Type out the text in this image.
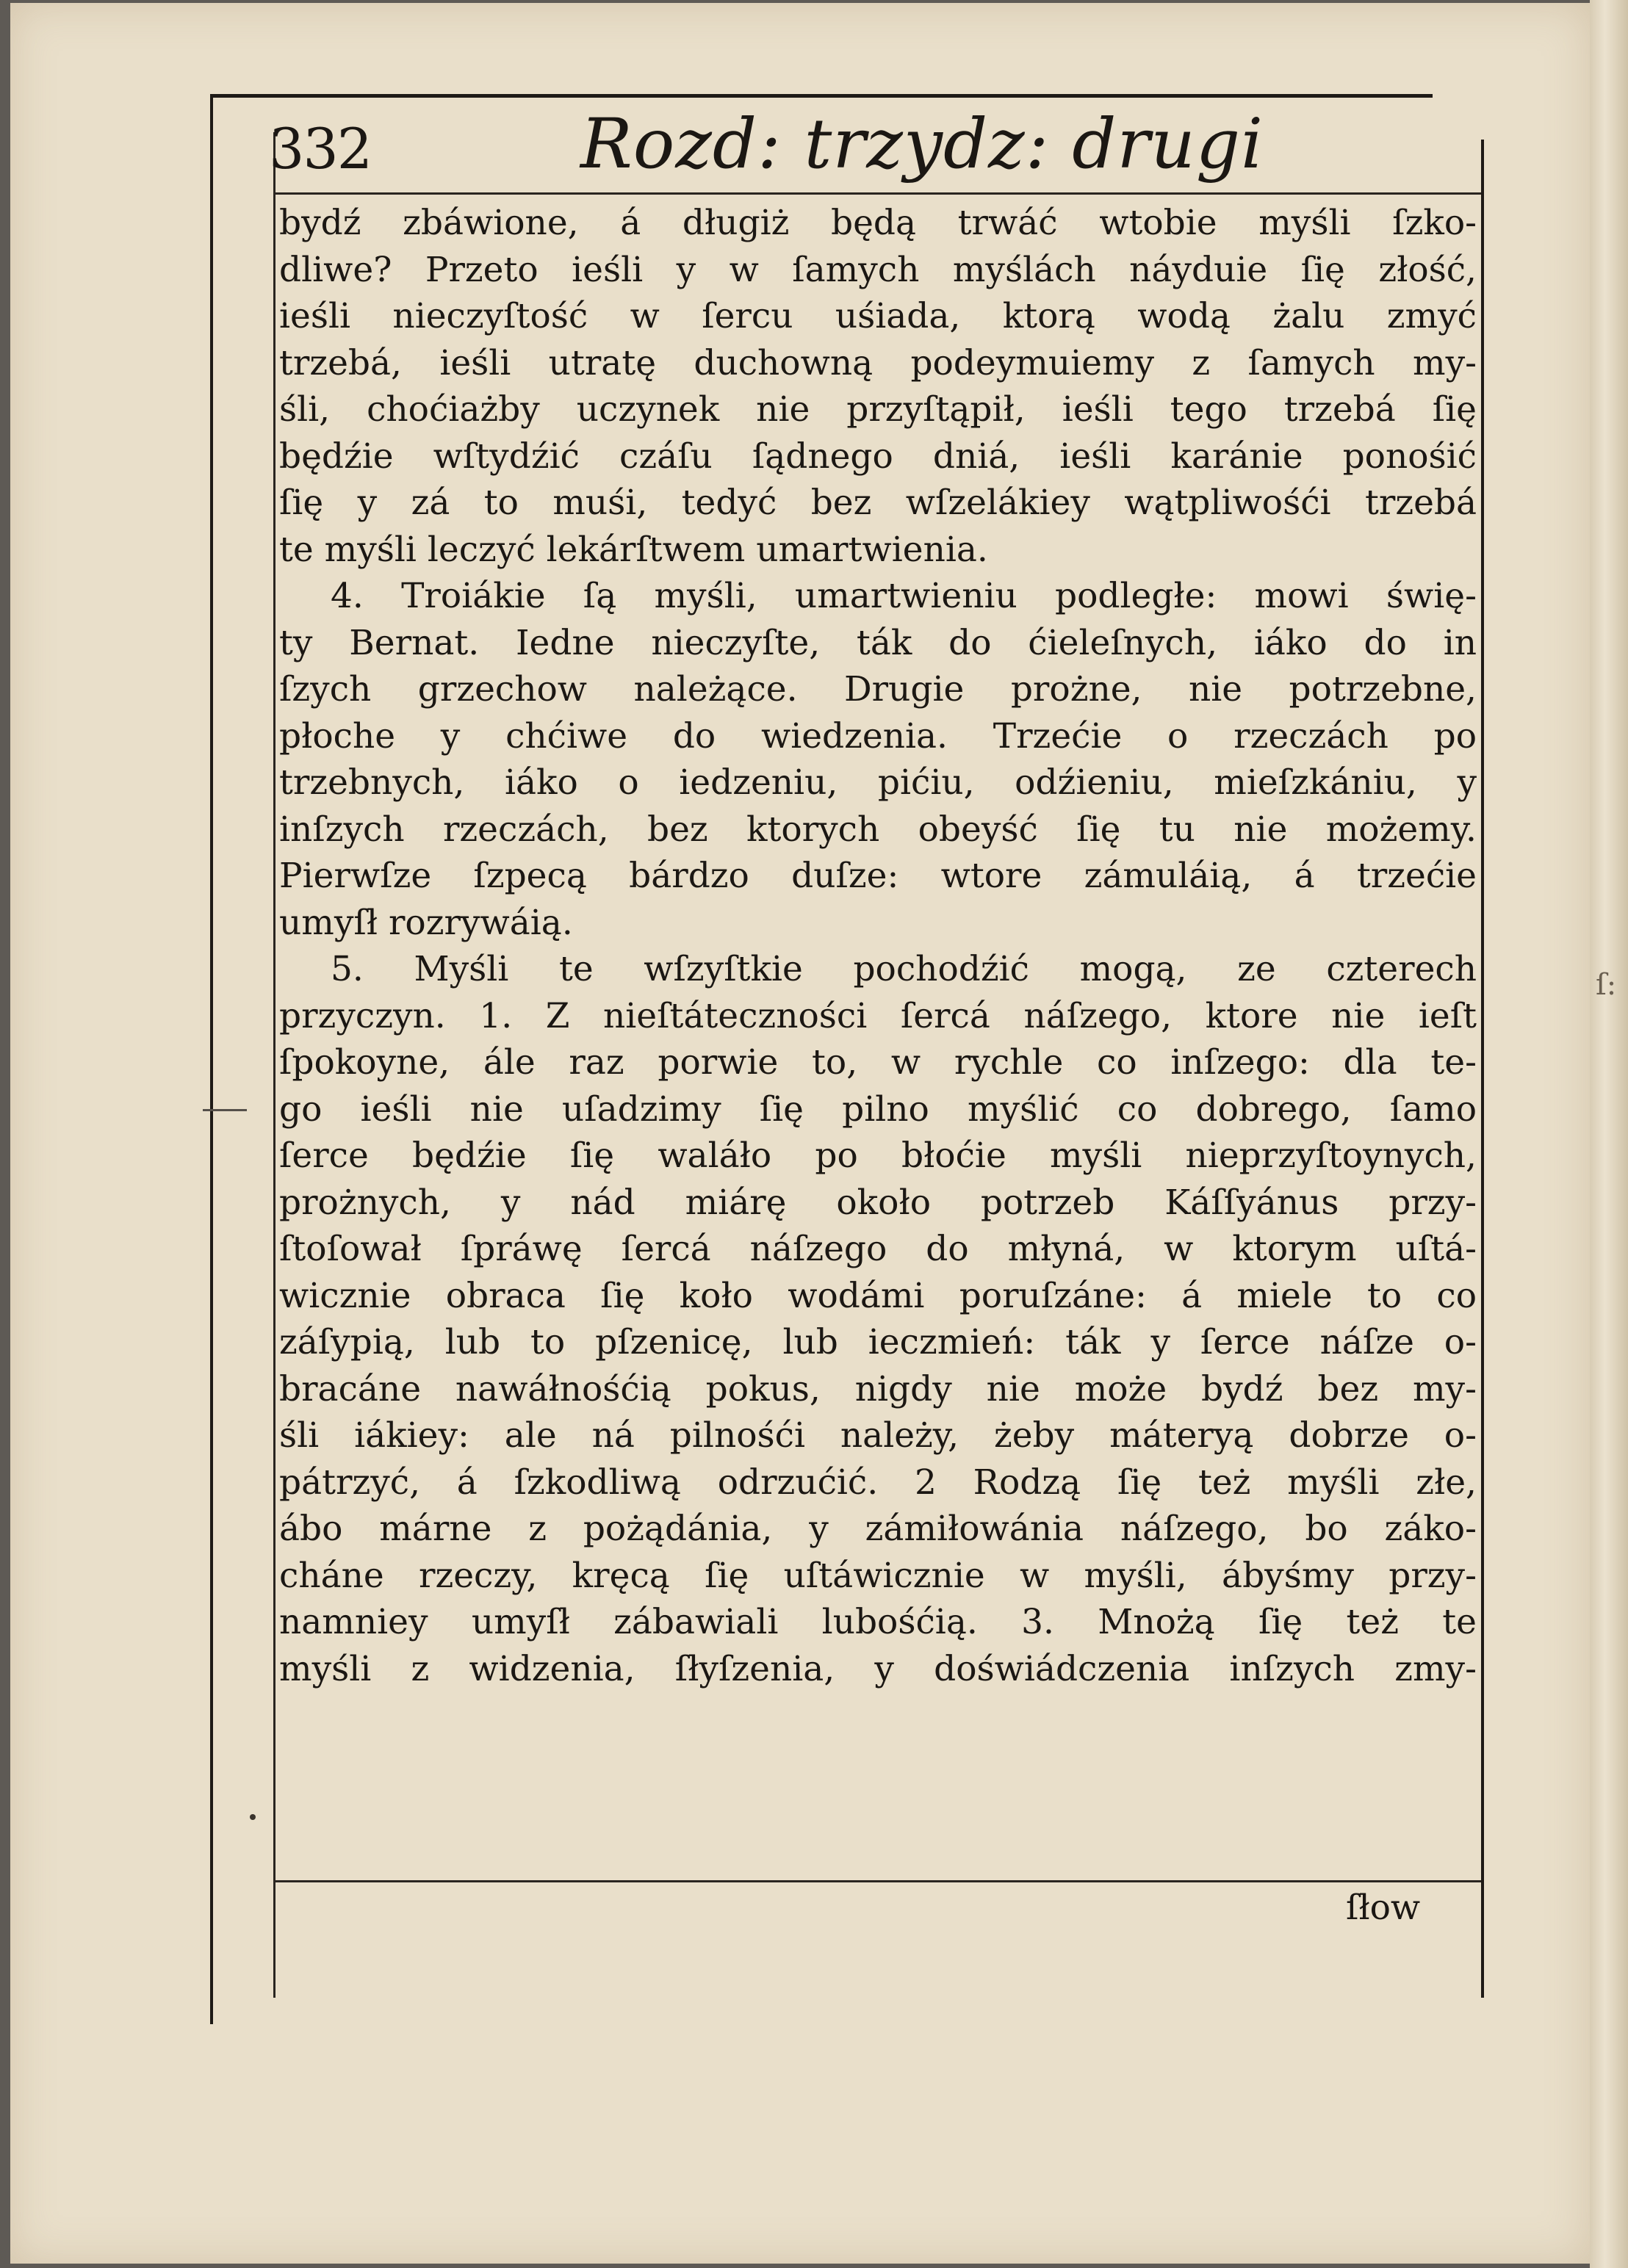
332	Rozd: trzydz: drugi
bydź zbáwione, á długiż będą trwáć wtobie myśli ſzko-
dliwe? Przeto ieśli y w ſamych myślách náyduie ſię złość,
ieśli nieczyſtość w ſercu uśiada, ktorą wodą żalu zmyć
trzebá, ieśli utratę duchowną podeymuiemy z ſamych my-
śli, choćiażby uczynek nie przyſtąpił, ieśli tego trzebá ſię
będźie wſtydźić czáſu ſądnego dniá, ieśli karánie ponośić
ſię y zá to muśi, tedyć bez wſzelákiey wątpliwośći trzebá
te myśli leczyć lekárſtwem umartwienia.
4. Troiákie ſą myśli, umartwieniu podległe: mowi świę-
ty Bernat. Iedne nieczyſte, ták do ćieleſnych, iáko do in
ſzych grzechow należące. Drugie prożne, nie potrzebne,
płoche y chćiwe do wiedzenia. Trzećie o rzeczách po
trzebnych, iáko o iedzeniu, pićiu, odźieniu, mieſzkániu, y
inſzych rzeczách, bez ktorych obeyść ſię tu nie możemy.
Pierwſze ſzpecą bárdzo duſze: wtore zámuláią, á trzećie
umyſł rozrywáią.
5. Myśli te wſzyſtkie pochodźić mogą, ze czterech
przyczyn. 1. Z nieſtáteczności ſercá náſzego, ktore nie ieſt
ſpokoyne, ále raz porwie to, w rychle co inſzego: dla te-
go ieśli nie uſadzimy ſię pilno myślić co dobrego, ſamo
ſerce będźie ſię waláło po błoćie myśli nieprzyſtoynych,
prożnych, y nád miárę około potrzeb Káſſyánus przy-
ſtoſował ſpráwę ſercá náſzego do młyná, w ktorym uſtá-
wicznie obraca ſię koło wodámi poruſzáne: á miele to co
záſypią, lub to pſzenicę, lub ieczmień: ták y ſerce náſze o-
bracáne nawáłnośćią pokus, nigdy nie może bydź bez my-
śli iákiey: ale ná pilnośći należy, żeby máteryą dobrze o-
pátrzyć, á ſzkodliwą odrzućić. 2 Rodzą ſię też myśli złe,
ábo márne z pożądánia, y zámiłowánia náſzego, bo záko-
cháne rzeczy, kręcą ſię uſtáwicznie w myśli, ábyśmy przy-
namniey umyſł zábawiali lubośćią. 3. Mnożą ſię też te
myśli z widzenia, ſłyſzenia, y doświádczenia inſzych zmy-
ſłow
ſ:
